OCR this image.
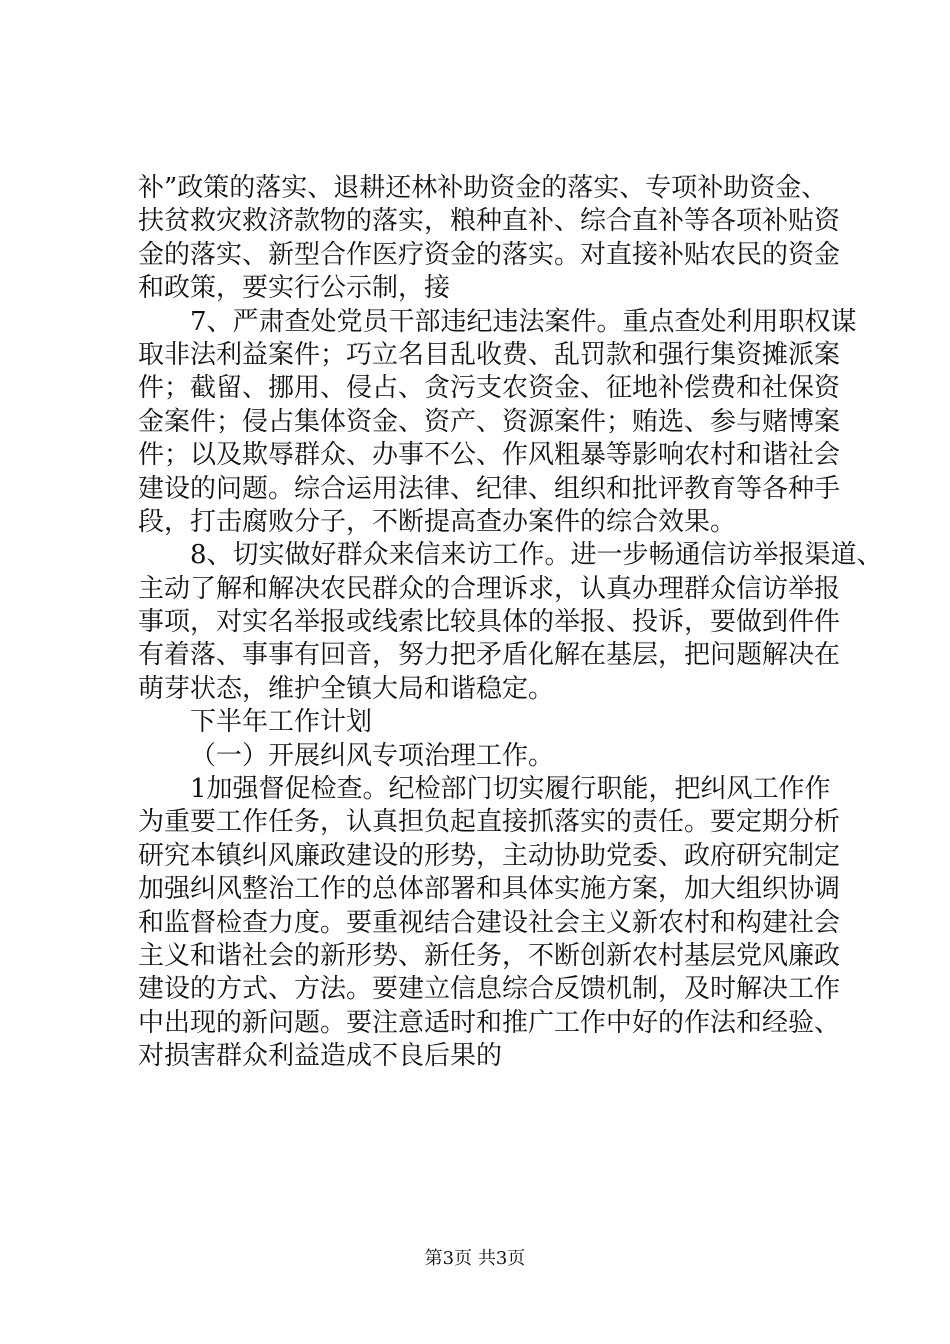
补”政策的落实、退耕还林补助资金的落实、专项补助资金、
扶贫救灾救济款物的落实，粮种直补、综合直补等各项补贴资
金的落实、新型合作医疗资金的落实。对直接补贴农民的资金
和政策，要实行公示制，接
7、严肃查处党员干部违纪违法案件。重点查处利用职权谋
取非法利益案件；巧立名目乱收费、乱罚款和强行集资摊派案
件；截留、挪用、侵占、贪污支农资金、征地补偿费和社保资
金案件；侵占集体资金、资产、资源案件；贿选、参与赌博案
件；以及欺辱群众、办事不公、作风粗暴等影响农村和谐社会
建设的问题。综合运用法律、纪律、组织和批评教育等各种手
段，打击腐败分子，不断提高查办案件的综合效果。
8、切实做好群众来信来访工作。进一步畅通信访举报渠道、
主动了解和解决农民群众的合理诉求，认真办理群众信访举报
事项，对实名举报或线索比较具体的举报、投诉，要做到件件
有着落、事事有回音，努力把矛盾化解在基层，把问题解决在
萌芽状态，维护全镇大局和谐稳定。
下半年工作计划
（一）开展纠风专项治理工作。
1加强督促检查。纪检部门切实履行职能，把纠风工作作
为重要工作任务，认真担负起直接抓落实的责任。要定期分析
研究本镇纠风廉政建设的形势，主动协助党委、政府研究制定
加强纠风整治工作的总体部署和具体实施方案，加大组织协调
和监督检查力度。要重视结合建设社会主义新农村和构建社会
主义和谐社会的新形势、新任务，不断创新农村基层党风廉政
建设的方式、方法。要建立信息综合反馈机制，及时解决工作
中出现的新问题。要注意适时和推广工作中好的作法和经验、
对损害群众利益造成不良后果的
第3页 共3页
